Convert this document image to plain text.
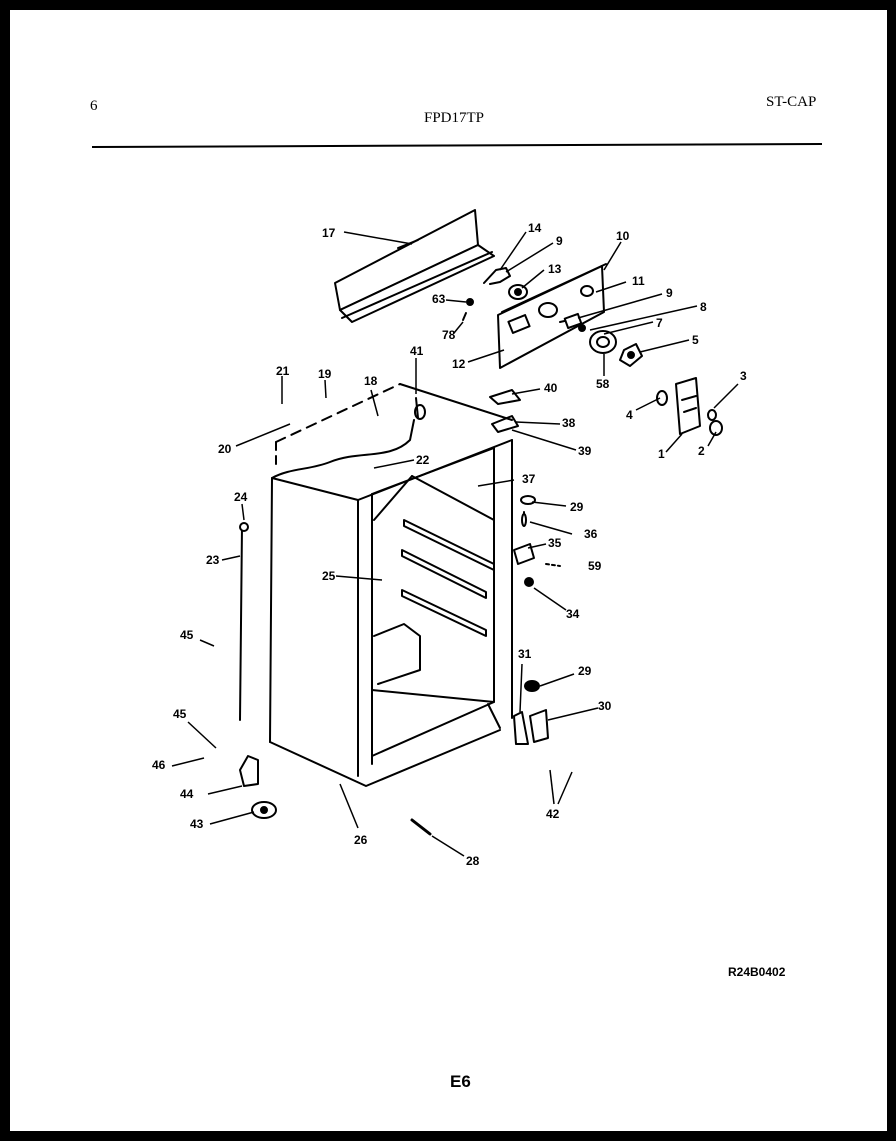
6
FPD17TP
ST-CAP
17	14
9
13
10
11
9
63
8
78
7
12
5
58
40
41
21 19	18	3
4
38
20	39	1	2
22
37
29
24
36
35
25
23	59
34
45
31
29
30
45
46
42
44
43
26
28
R24B0402
E6
